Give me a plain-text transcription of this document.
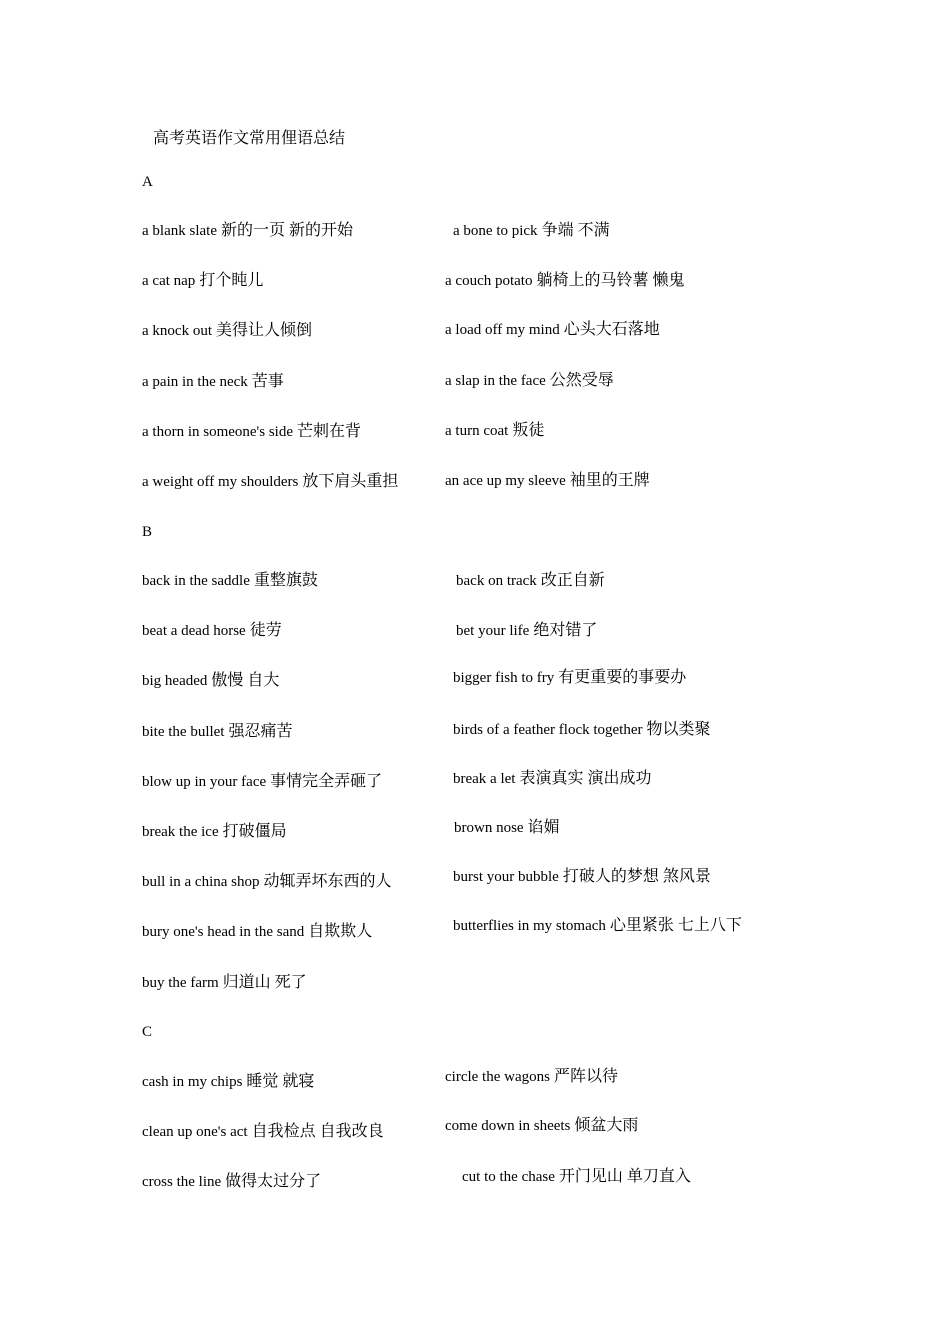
高考英语作文常用俚语总结
A
a blank slate 新的一页 新的开始	a bone to pick 争端 不满
a cat nap 打个盹儿	a couch potato 躺椅上的马铃薯 懒鬼
a knock out 美得让人倾倒	a load off my mind 心头大石落地
a pain in the neck 苦事	a slap in the face 公然受辱
a thorn in someone's side 芒刺在背	a turn coat 叛徒
a weight off my shoulders 放下肩头重担	an ace up my sleeve 袖里的王牌
B
back in the saddle 重整旗鼓	back on track 改正自新
beat a dead horse 徒劳	bet your life 绝对错了
big headed 傲慢 自大	bigger fish to fry 有更重要的事要办
bite the bullet 强忍痛苦	birds of a feather flock together 物以类聚
blow up in your face 事情完全弄砸了	break a let 表演真实 演出成功
break the ice 打破僵局	brown nose 谄媚
bull in a china shop 动辄弄坏东西的人	burst your bubble 打破人的梦想 煞风景
bury one's head in the sand 自欺欺人	butterflies in my stomach 心里紧张 七上八下
buy the farm 归道山 死了
C
cash in my chips 睡觉 就寝	circle the wagons 严阵以待
clean up one's act 自我检点 自我改良	come down in sheets 倾盆大雨
cross the line 做得太过分了	cut to the chase 开门见山 单刀直入
